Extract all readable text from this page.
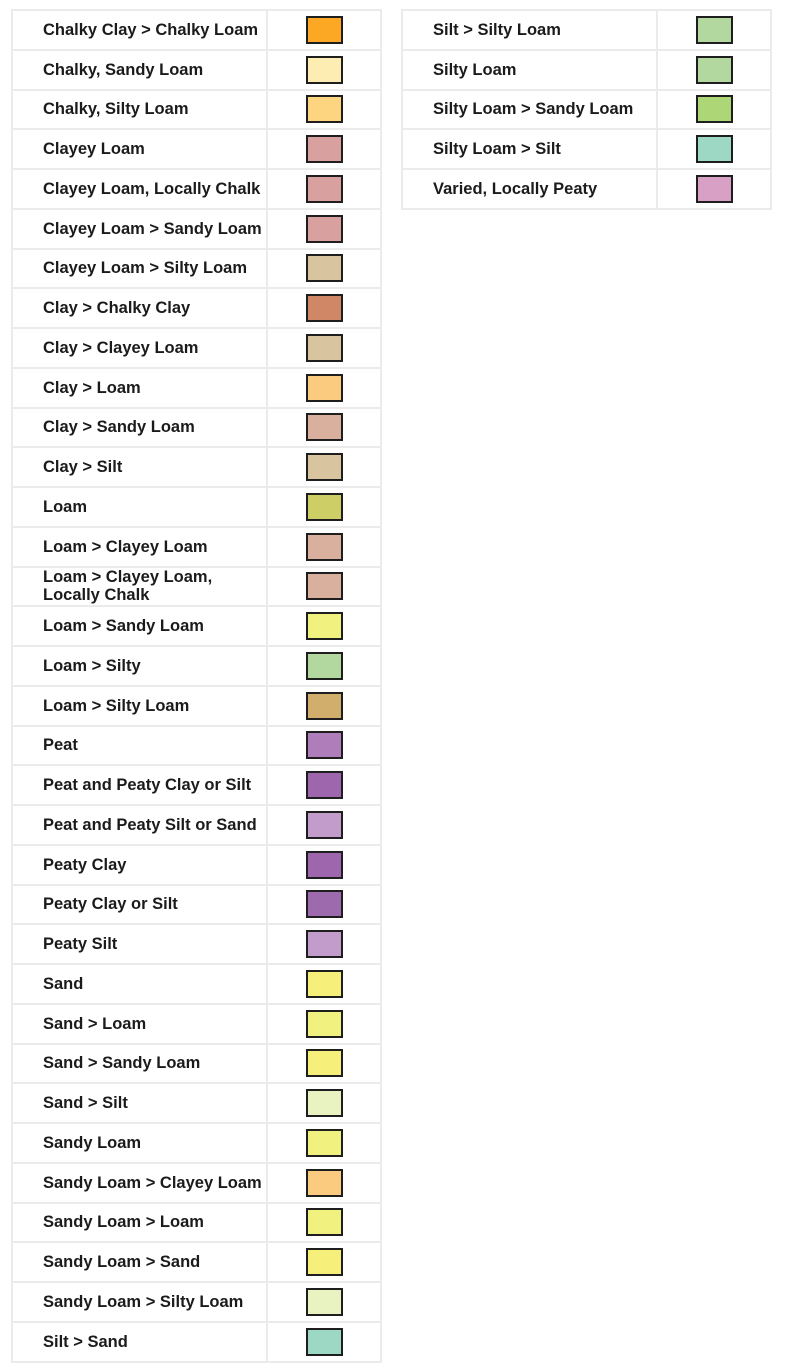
Chalky Clay > Chalky Loam	

Chalky, Sandy Loam	

Chalky, Silty Loam	

Clayey Loam	

Clayey Loam, Locally Chalk	

Clayey Loam > Sandy Loam	

Clayey Loam > Silty Loam	

Clay > Chalky Clay	

Clay > Clayey Loam	

Clay > Loam	

Clay > Sandy Loam	

Clay > Silt	

Loam	

Loam > Clayey Loam	

Loam > Clayey Loam, Locally Chalk	

Loam > Sandy Loam	

Loam > Silty	

Loam > Silty Loam	

Peat	

Peat and Peaty Clay or Silt	

Peat and Peaty Silt or Sand	

Peaty Clay	

Peaty Clay or Silt	

Peaty Silt	

Sand	

Sand > Loam	

Sand > Sandy Loam	

Sand > Silt	

Sandy Loam	

Sandy Loam > Clayey Loam	

Sandy Loam > Loam	

Sandy Loam > Sand	

Sandy Loam > Silty Loam	

Silt > Sand	

Silt > Silty Loam	

Silty Loam	

Silty Loam > Sandy Loam	

Silty Loam > Silt	

Varied, Locally Peaty	
